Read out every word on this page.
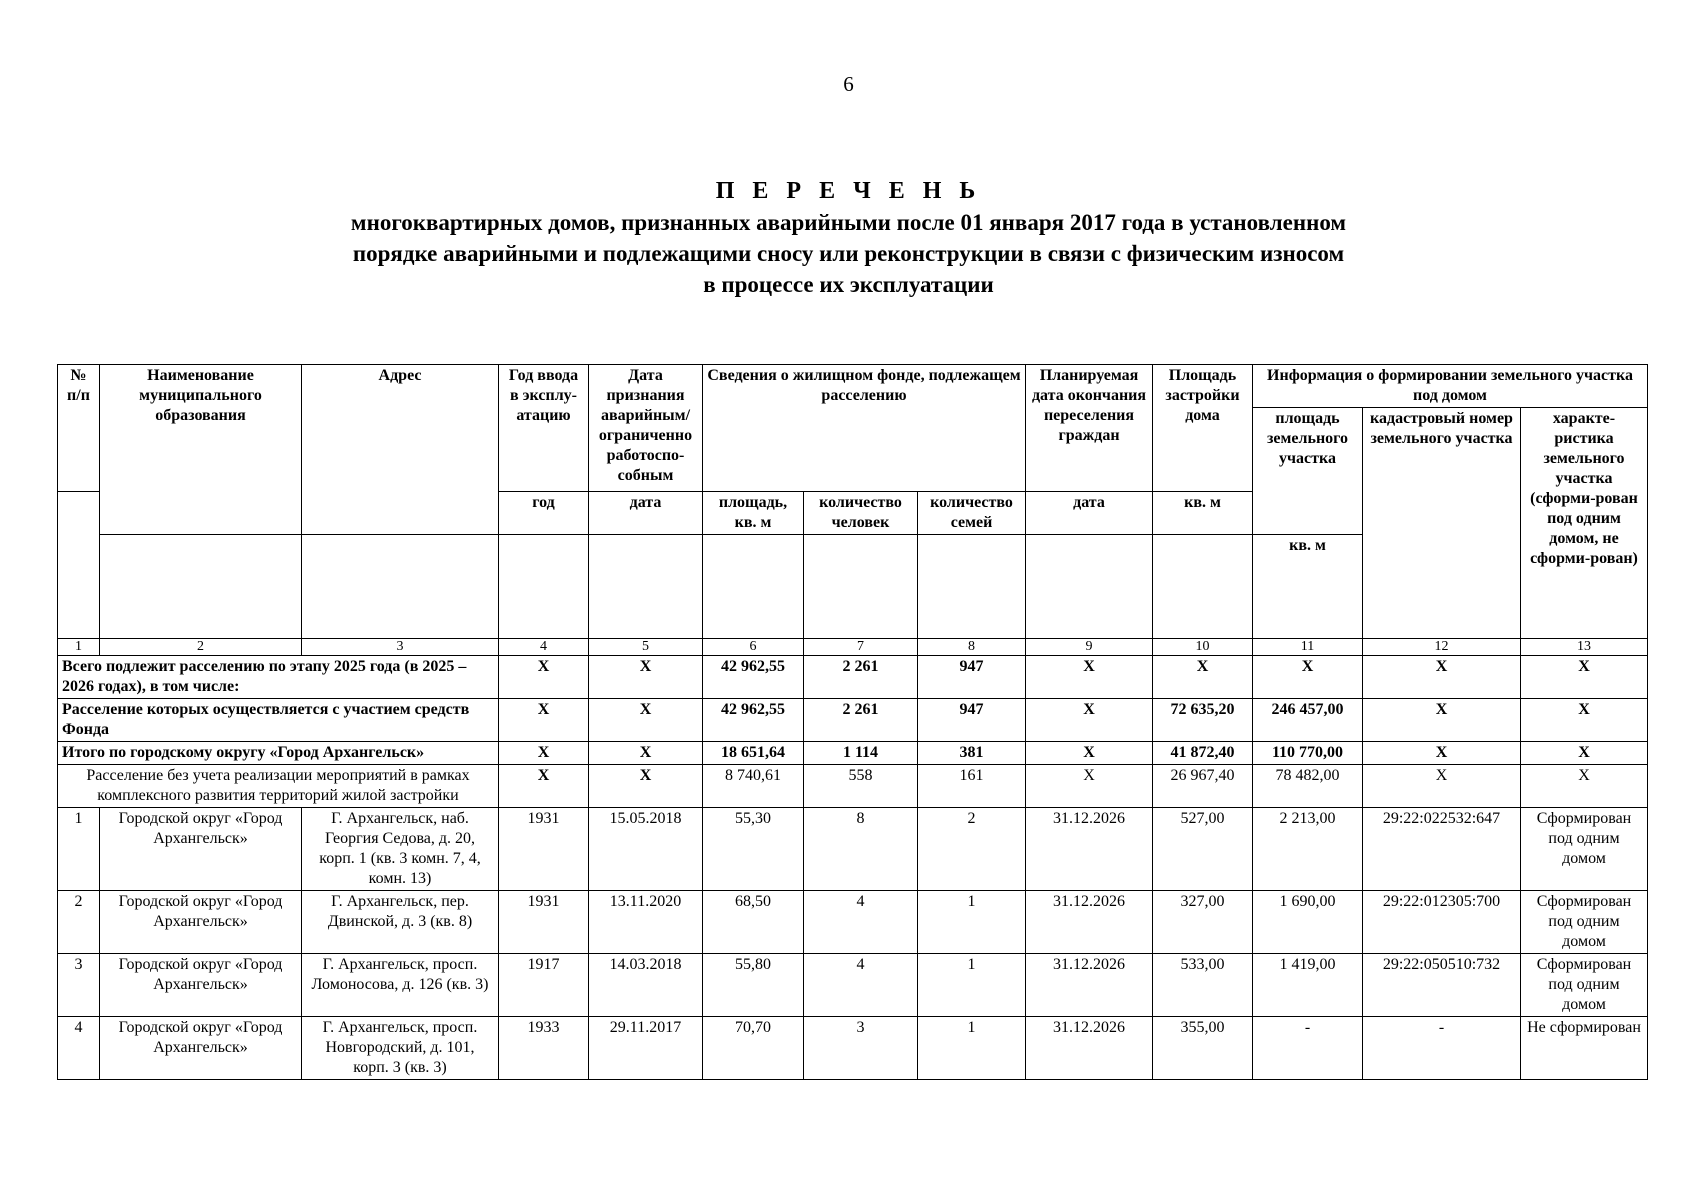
6
П Е Р Е Ч Е Н Ь
многоквартирных домов, признанных аварийными после 01 января 2017 года в установленном
порядке аварийными и подлежащими сносу или реконструкции в связи с физическим износом
в процессе их эксплуатации
№ п/п	Наименование муниципального образования	Адрес	Год ввода в эксплу-атацию	Дата признания аварийным/ ограниченно работоспо-собным	Сведения о жилищном фонде, подлежащем расселению			Планируемая дата окончания переселения граждан	Площадь застройки дома	Информация о формировании земельного участка под домом		
										площадь земельного участка	кадастровый номер земельного участка	характе-ристика земельного участка (сформи-рован под одним домом, не сформи-рован)
			год	дата	площадь, кв. м	количество человек	количество семей	дата	кв. м			
										кв. м		
1	2	3	4	5	6	7	8	9	10	11	12	13
Всего подлежит расселению по этапу 2025 года (в 2025 – 2026 годах), в том числе:			X	X	42 962,55	2 261	947	X	X	X	X	X
Расселение которых осуществляется с участием средств Фонда			X	X	42 962,55	2 261	947	X	72 635,20	246 457,00	X	X
Итого по городскому округу «Город Архангельск»			X	X	18 651,64	1 114	381	X	41 872,40	110 770,00	X	X
Расселение без учета реализации мероприятий в рамках комплексного развития территорий жилой застройки			X	X	8 740,61	558	161	X	26 967,40	78 482,00	X	X
1	Городской округ «Город Архангельск»	Г. Архангельск, наб. Георгия Седова, д. 20, корп. 1 (кв. 3 комн. 7, 4, комн. 13)	1931	15.05.2018	55,30	8	2	31.12.2026	527,00	2 213,00	29:22:022532:647	Сформирован под одним домом
2	Городской округ «Город Архангельск»	Г. Архангельск, пер. Двинской, д. 3 (кв. 8)	1931	13.11.2020	68,50	4	1	31.12.2026	327,00	1 690,00	29:22:012305:700	Сформирован под одним домом
3	Городской округ «Город Архангельск»	Г. Архангельск, просп. Ломоносова, д. 126 (кв. 3)	1917	14.03.2018	55,80	4	1	31.12.2026	533,00	1 419,00	29:22:050510:732	Сформирован под одним домом
4	Городской округ «Город Архангельск»	Г. Архангельск, просп. Новгородский, д. 101, корп. 3 (кв. 3)	1933	29.11.2017	70,70	3	1	31.12.2026	355,00	-	-	Не сформирован
